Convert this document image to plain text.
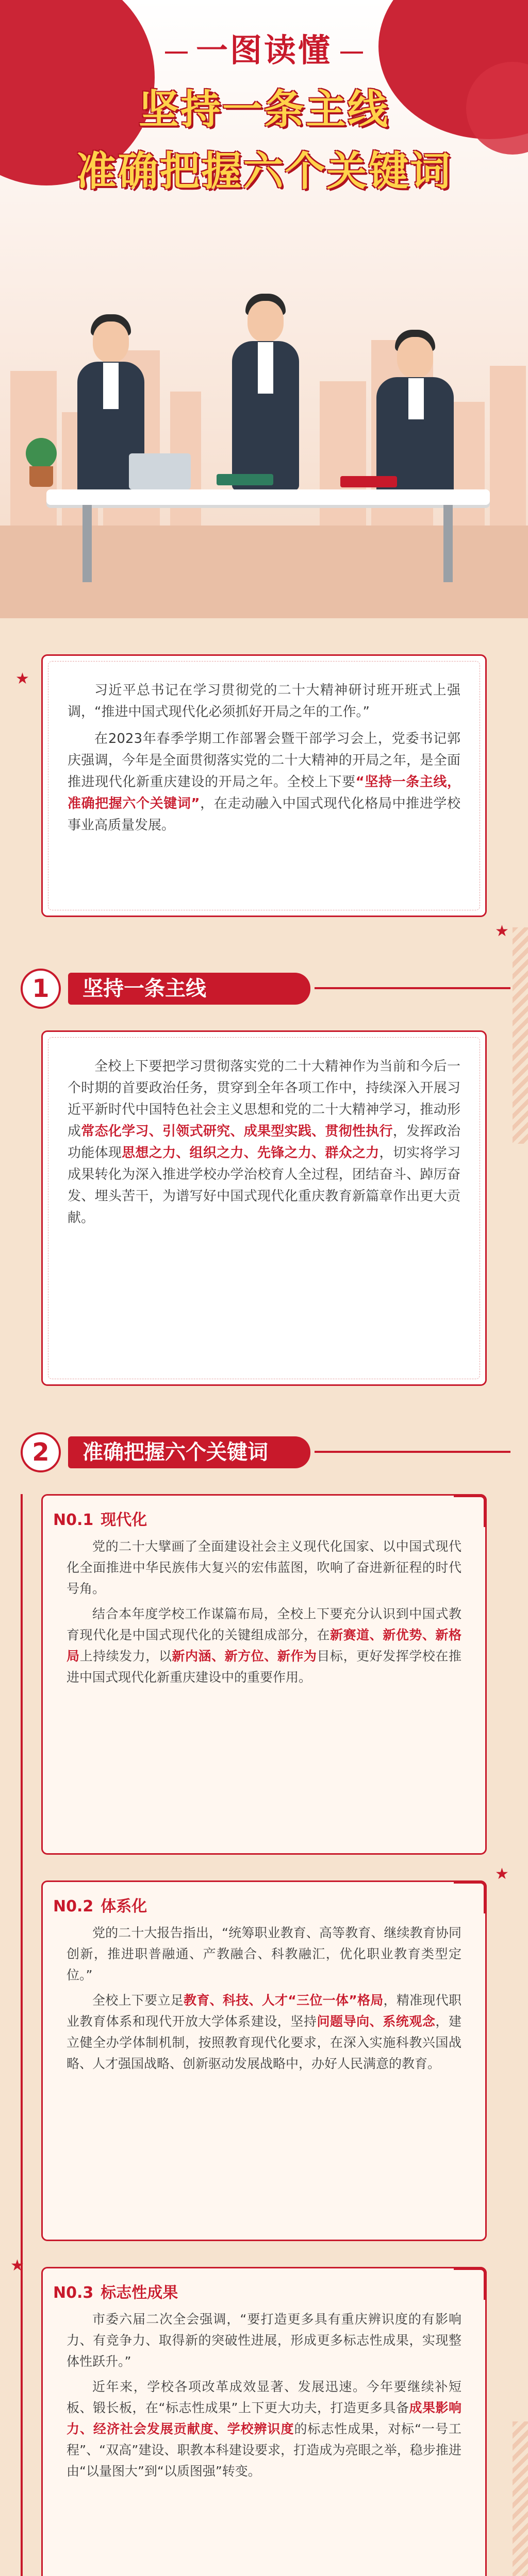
一图读懂
坚持一条主线
准确把握六个关键词

习近平总书记在学习贯彻党的二十大精神研讨班开班式上强调，“推进中国式现代化必须抓好开局之年的工作。”

在2023年春季学期工作部署会暨干部学习会上，党委书记郭庆强调，今年是全面贯彻落实党的二十大精神的开局之年，是全面推进现代化新重庆建设的开局之年。全校上下要“坚持一条主线，准确把握六个关键词”，在走动融入中国式现代化格局中推进学校事业高质量发展。

★
★
1	坚持一条主线

全校上下要把学习贯彻落实党的二十大精神作为当前和今后一个时期的首要政治任务，贯穿到全年各项工作中，持续深入开展习近平新时代中国特色社会主义思想和党的二十大精神学习，推动形成常态化学习、引领式研究、成果型实践、贯彻性执行，发挥政治功能体现思想之力、组织之力、先锋之力、群众之力，切实将学习成果转化为深入推进学校办学治校育人全过程，团结奋斗、踔厉奋发、埋头苦干，为谱写好中国式现代化重庆教育新篇章作出更大贡献。

2	准确把握六个关键词
N0.1 现代化

党的二十大擘画了全面建设社会主义现代化国家、以中国式现代化全面推进中华民族伟大复兴的宏伟蓝图，吹响了奋进新征程的时代号角。

结合本年度学校工作谋篇布局，全校上下要充分认识到中国式教育现代化是中国式现代化的关键组成部分，在新赛道、新优势、新格局上持续发力，以新内涵、新方位、新作为目标，更好发挥学校在推进中国式现代化新重庆建设中的重要作用。

N0.2 体系化

党的二十大报告指出，“统筹职业教育、高等教育、继续教育协同创新，推进职普融通、产教融合、科教融汇，优化职业教育类型定位。”

全校上下要立足教育、科技、人才“三位一体”格局，精准现代职业教育体系和现代开放大学体系建设，坚持问题导向、系统观念，建立健全办学体制机制，按照教育现代化要求，在深入实施科教兴国战略、人才强国战略、创新驱动发展战略中，办好人民满意的教育。

N0.3 标志性成果

市委六届二次全会强调，“要打造更多具有重庆辨识度的有影响力、有竞争力、取得新的突破性进展，形成更多标志性成果，实现整体性跃升。”

近年来，学校各项改革成效显著、发展迅速。今年要继续补短板、锻长板，在“标志性成果”上下更大功夫，打造更多具备成果影响力、经济社会发展贡献度、学校辨识度的标志性成果，对标“一号工程”、“双高”建设、职教本科建设要求，打造成为亮眼之举，稳步推进由“以量图大”到“以质图强”转变。

★
★
